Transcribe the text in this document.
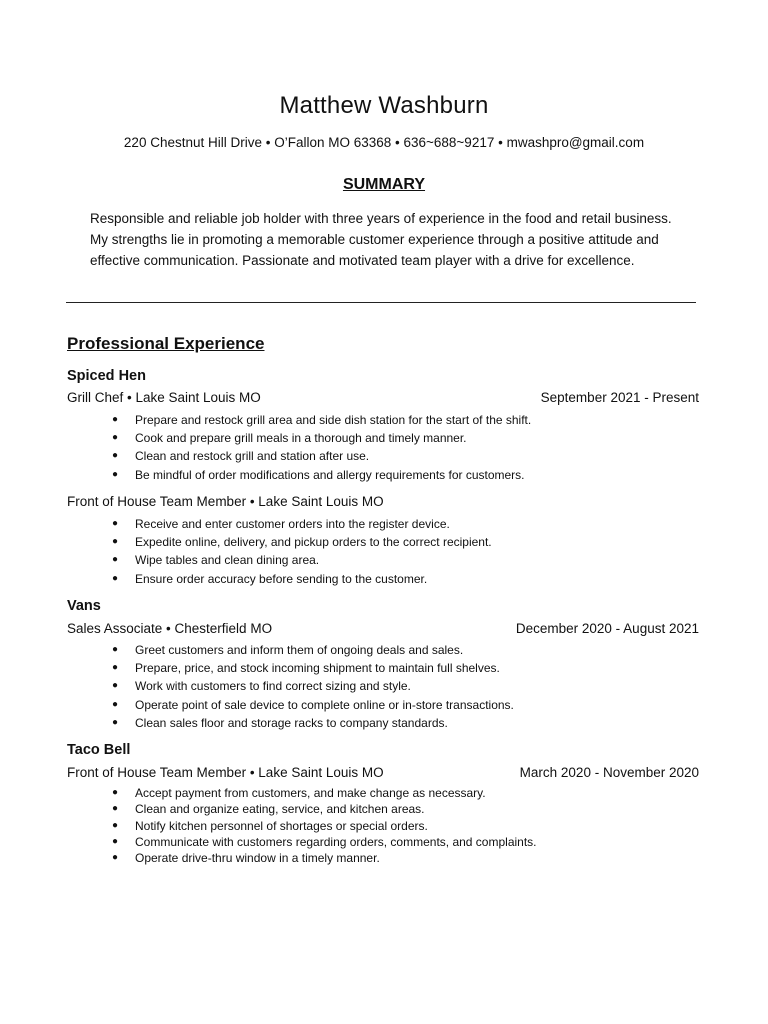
Matthew Washburn
220 Chestnut Hill Drive • O’Fallon MO 63368 • 636~688~9217 • mwashpro@gmail.com
SUMMARY
Responsible and reliable job holder with three years of experience in the food and retail business. My strengths lie in promoting a memorable customer experience through a positive attitude and effective communication. Passionate and motivated team player with a drive for excellence.
Professional Experience
Spiced Hen
Grill Chef • Lake Saint Louis MO	September 2021 - Present
● Prepare and restock grill area and side dish station for the start of the shift.
● Cook and prepare grill meals in a thorough and timely manner.
● Clean and restock grill and station after use.
● Be mindful of order modifications and allergy requirements for customers.
Front of House Team Member • Lake Saint Louis MO
● Receive and enter customer orders into the register device.
● Expedite online, delivery, and pickup orders to the correct recipient.
● Wipe tables and clean dining area.
● Ensure order accuracy before sending to the customer.
Vans
Sales Associate • Chesterfield MO	December 2020 - August 2021
● Greet customers and inform them of ongoing deals and sales.
● Prepare, price, and stock incoming shipment to maintain full shelves.
● Work with customers to find correct sizing and style.
● Operate point of sale device to complete online or in-store transactions.
● Clean sales floor and storage racks to company standards.
Taco Bell
Front of House Team Member • Lake Saint Louis MO	March 2020 - November 2020
● Accept payment from customers, and make change as necessary.
● Clean and organize eating, service, and kitchen areas.
● Notify kitchen personnel of shortages or special orders.
● Communicate with customers regarding orders, comments, and complaints.
● Operate drive-thru window in a timely manner.
